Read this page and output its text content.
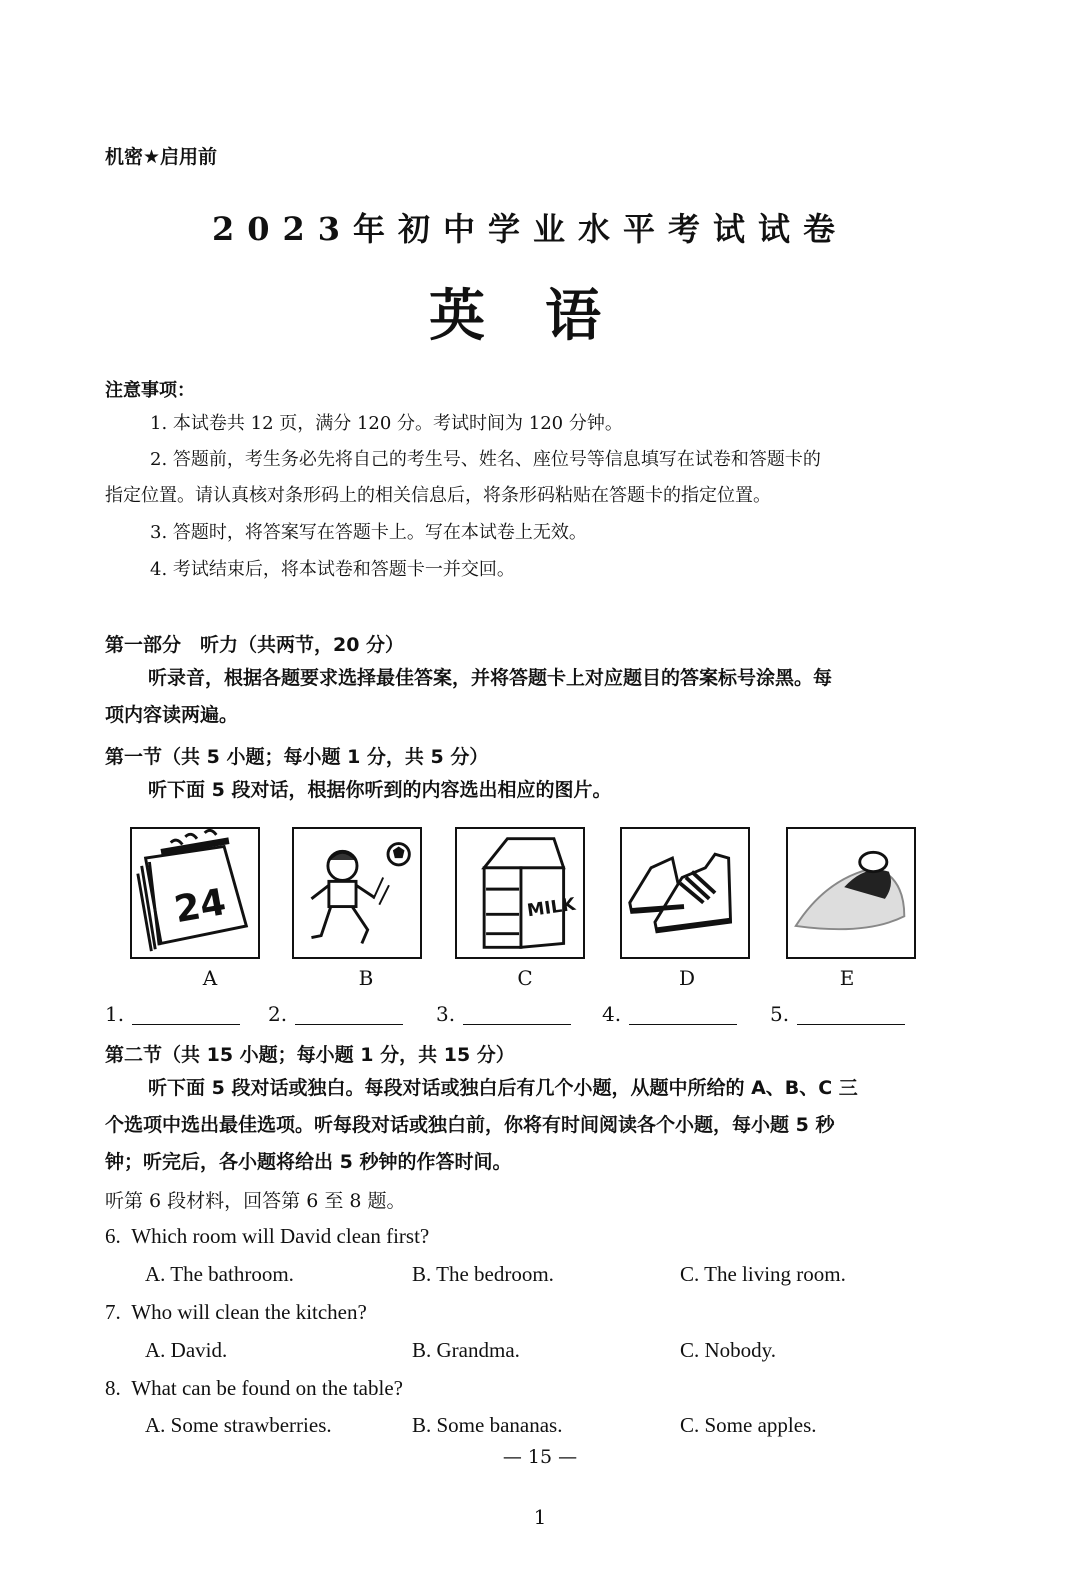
机密★启用前
2023年初中学业水平考试试卷
英语
注意事项：
1. 本试卷共 12 页，满分 120 分。考试时间为 120 分钟。
2. 答题前，考生务必先将自己的考生号、姓名、座位号等信息填写在试卷和答题卡的
指定位置。请认真核对条形码上的相关信息后，将条形码粘贴在答题卡的指定位置。
3. 答题时，将答案写在答题卡上。写在本试卷上无效。
4. 考试结束后，将本试卷和答题卡一并交回。
第一部分　听力（共两节，20 分）
听录音，根据各题要求选择最佳答案，并将答题卡上对应题目的答案标号涂黑。每
项内容读两遍。
第一节（共 5 小题；每小题 1 分，共 5 分）
听下面 5 段对话，根据你听到的内容选出相应的图片。
24	MILK
A	B	C	D	E
1.	2.	3.	4.	5.
第二节（共 15 小题；每小题 1 分，共 15 分）
听下面 5 段对话或独白。每段对话或独白后有几个小题，从题中所给的 A、B、C 三
个选项中选出最佳选项。听每段对话或独白前，你将有时间阅读各个小题，每小题 5 秒
钟；听完后，各小题将给出 5 秒钟的作答时间。
听第 6 段材料，回答第 6 至 8 题。
6. Which room will David clean first?
A. The bathroom.	B. The bedroom.	C. The living room.
7. Who will clean the kitchen?
A. David.	B. Grandma.	C. Nobody.
8. What can be found on the table?
A. Some strawberries.	B. Some bananas.	C. Some apples.
— 15 —
1
